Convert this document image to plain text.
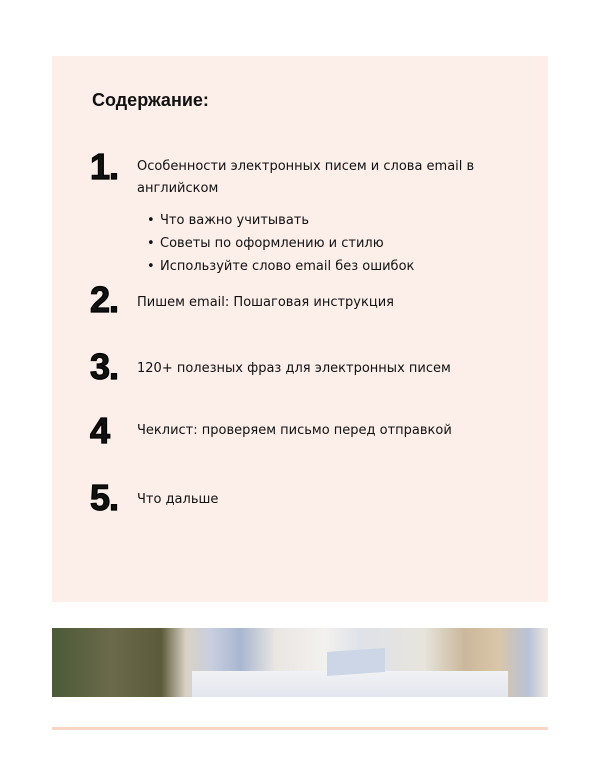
Содержание:
1. Особенности электронных писем и слова email в английском
• Что важно учитывать
• Советы по оформлению и стилю
• Используйте слово email без ошибок
2. Пишем email: Пошаговая инструкция
3. 120+ полезных фраз для электронных писем
4 Чеклист: проверяем письмо перед отправкой
5. Что дальше
